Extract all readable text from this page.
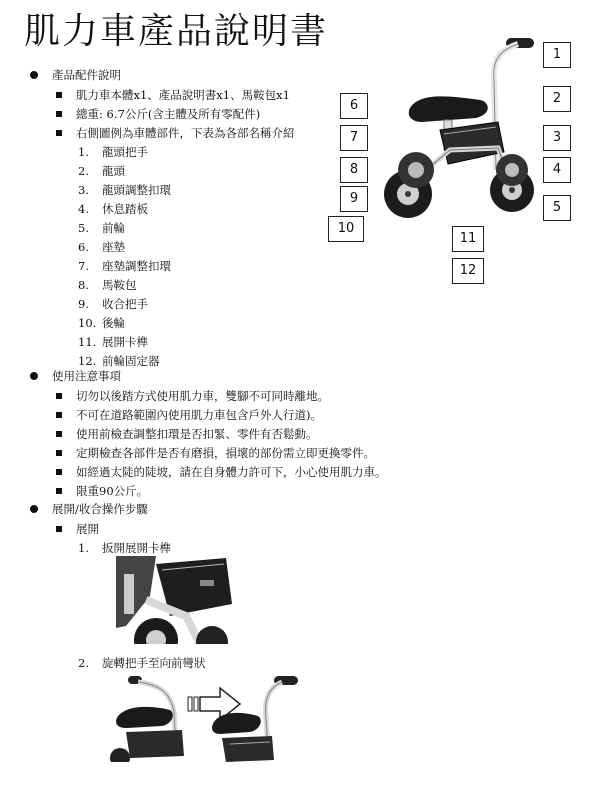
肌力車產品說明書
產品配件說明
肌力車本體x1、產品說明書x1、馬鞍包x1
總重: 6.7公斤(含主體及所有零配件)
右側圖例為車體部件，下表為各部名稱介紹
1. 龍頭把手
2. 龍頭
3. 龍頭調整扣環
4. 休息踏板
5. 前輪
6. 座墊
7. 座墊調整扣環
8. 馬鞍包
9. 收合把手
10. 後輪
11. 展開卡榫
12. 前輪固定器
使用注意事項
切勿以後踏方式使用肌力車，雙腳不可同時離地。
不可在道路範圍內使用肌力車包含戶外人行道)。
使用前檢查調整扣環是否扣緊、零件有否鬆動。
定期檢查各部件是否有磨損，損壞的部份需立即更換零件。
如經過太陡的陡坡，請在自身體力許可下，小心使用肌力車。
限重90公斤。
展開/收合操作步驟
展開
1. 扳開展開卡榫
2. 旋轉把手至向前彎狀
1
2
3
4
5
6
7
8
9
10
11
12
